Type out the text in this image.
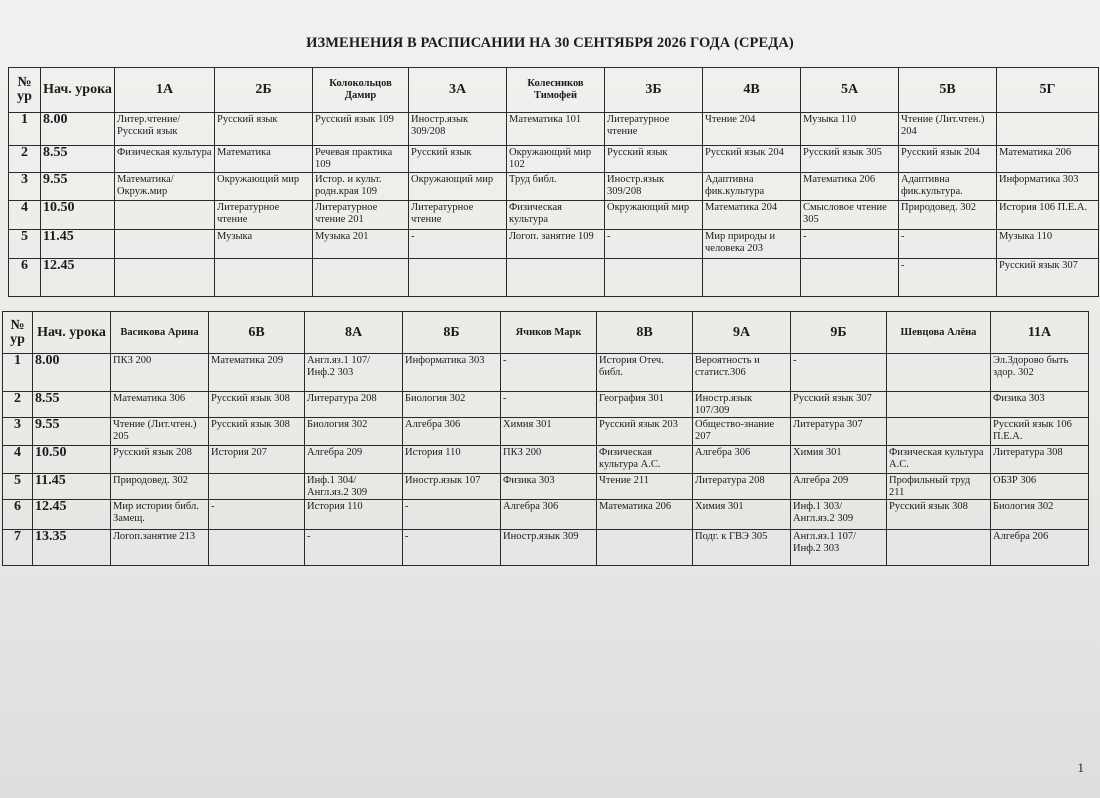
ИЗМЕНЕНИЯ В РАСПИСАНИИ НА 30 СЕНТЯБРЯ 2026 ГОДА (СРЕДА)
№ ур	Нач. урока	1А	2Б	Колокольцов Дамир	3А	Колесников Тимофей	3Б	4В	5А	5В	5Г
1	8.00	Литер.чтение/ Русский язык	Русский язык	Русский язык 109	Иностр.язык 309/208	Математика 101	Литературное чтение	Чтение 204	Музыка 110	Чтение (Лит.чтен.) 204	
2	8.55	Физическая культура	Математика	Речевая практика 109	Русский язык	Окружающий мир 102	Русский язык	Русский язык 204	Русский язык 305	Русский язык 204	Математика 206
3	9.55	Математика/ Окруж.мир	Окружающий мир	Истор. и культ. родн.края 109	Окружающий мир	Труд библ.	Иностр.язык 309/208	Адаптивна фик.культура	Математика 206	Адаптивна фик.культура.	Информатика 303
4	10.50		Литературное чтение	Литературное чтение 201	Литературное чтение	Физическая культура	Окружающий мир	Математика 204	Смысловое чтение 305	Природовед. 302	История 106 П.Е.А.
5	11.45		Музыка	Музыка 201	-	Логоп. занятие 109	-	Мир природы и человека 203	-	-	Музыка 110
6	12.45									-	Русский язык 307
№ ур	Нач. урока	Васикова Арина	6В	8А	8Б	Ячиков Марк	8В	9А	9Б	Шевцова Алёна	11А
1	8.00	ПКЗ 200	Математика 209	Англ.яз.1 107/ Инф.2 303	Информатика 303	-	История Отеч. библ.	Вероятность и статист.306	-		Эл.Здорово быть здор. 302
2	8.55	Математика 306	Русский язык 308	Литература 208	Биология 302	-	География 301	Иностр.язык 107/309	Русский язык 307		Физика 303
3	9.55	Чтение (Лит.чтен.) 205	Русский язык 308	Биология 302	Алгебра 306	Химия 301	Русский язык 203	Общество-знание 207	Литература 307		Русский язык 106 П.Е.А.
4	10.50	Русский язык 208	История 207	Алгебра 209	История 110	ПКЗ 200	Физическая культура А.С.	Алгебра 306	Химия 301	Физическая культура А.С.	Литература 308
5	11.45	Природовед. 302		Инф.1 304/ Англ.яз.2 309	Иностр.язык 107	Физика 303	Чтение 211	Литература 208	Алгебра 209	Профильный труд 211	ОБЗР 306
6	12.45	Мир истории библ. Замещ.	-	История 110	-	Алгебра 306	Математика 206	Химия 301	Инф.1 303/ Англ.яз.2 309	Русский язык 308	Биология 302
7	13.35	Логоп.занятие 213		-	-	Иностр.язык 309		Подг. к ГВЭ 305	Англ.яз.1 107/ Инф.2 303		Алгебра 206
1
